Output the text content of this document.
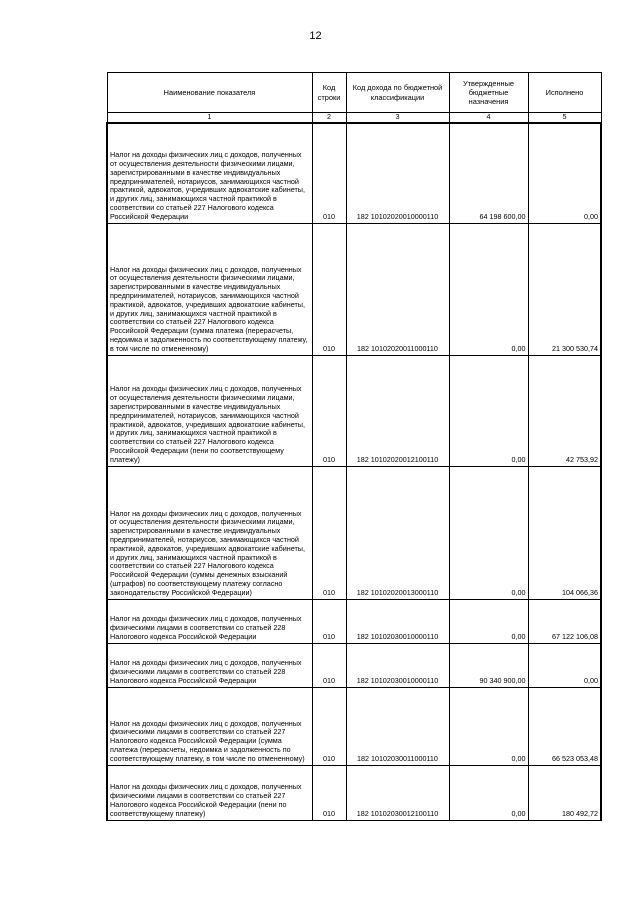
12
Наименование показателя	Код строки	Код дохода по бюджетной классификации	Утвержденные бюджетные назначения	Исполнено
1	2	3	4	5
Налог на доходы физических лиц с доходов, полученных от осуществления деятельности физическими лицами, зарегистрированными в качестве индивидуальных предпринимателей, нотариусов, занимающихся частной практикой, адвокатов, учредивших адвокатские кабинеты, и других лиц, занимающихся частной практикой в соответствии со статьей 227 Налогового кодекса Российской Федерации	010	182 10102020010000110	64 198 600,00	0,00
Налог на доходы физических лиц с доходов, полученных от осуществления деятельности физическими лицами, зарегистрированными в качестве индивидуальных предпринимателей, нотариусов, занимающихся частной практикой, адвокатов, учредивших адвокатские кабинеты, и других лиц, занимающихся частной практикой в соответствии со статьей 227 Налогового кодекса Российской Федерации (сумма платежа (перерасчеты, недоимка и задолженность по соответствующему платежу, в том числе по отмененному)	010	182 10102020011000110	0,00	21 300 530,74
Налог на доходы физических лиц с доходов, полученных от осуществления деятельности физическими лицами, зарегистрированными в качестве индивидуальных предпринимателей, нотариусов, занимающихся частной практикой, адвокатов, учредивших адвокатские кабинеты, и других лиц, занимающихся частной практикой в соответствии со статьей 227 Налогового кодекса Российской Федерации (пени по соответствующему платежу)	010	182 10102020012100110	0,00	42 753,92
Налог на доходы физических лиц с доходов, полученных от осуществления деятельности физическими лицами, зарегистрированными в качестве индивидуальных предпринимателей, нотариусов, занимающихся частной практикой, адвокатов, учредивших адвокатские кабинеты, и других лиц, занимающихся частной практикой в соответствии со статьей 227 Налогового кодекса Российской Федерации (суммы денежных взысканий (штрафов) по соответствующему платежу согласно законодательству Российской Федерации)	010	182 10102020013000110	0,00	104 066,36
Налог на доходы физических лиц с доходов, полученных физическими лицами в соответствии со статьей 228 Налогового кодекса Российской Федерации	010	182 10102030010000110	0,00	67 122 106,08
Налог на доходы физических лиц с доходов, полученных физическими лицами в соответствии со статьей 228 Налогового кодекса Российской Федерации	010	182 10102030010000110	90 340 900,00	0,00
Налог на доходы физических лиц с доходов, полученных физическими лицами в соответствии со статьей 227 Налогового кодекса Российской Федерации (сумма платежа (перерасчеты, недоимка и задолженность по соответствующему платежу, в том числе по отмененному)	010	182 10102030011000110	0,00	66 523 053,48
Налог на доходы физических лиц с доходов, полученных физическими лицами в соответствии со статьей 227 Налогового кодекса Российской Федерации (пени по соответствующему платежу)	010	182 10102030012100110	0,00	180 492,72
